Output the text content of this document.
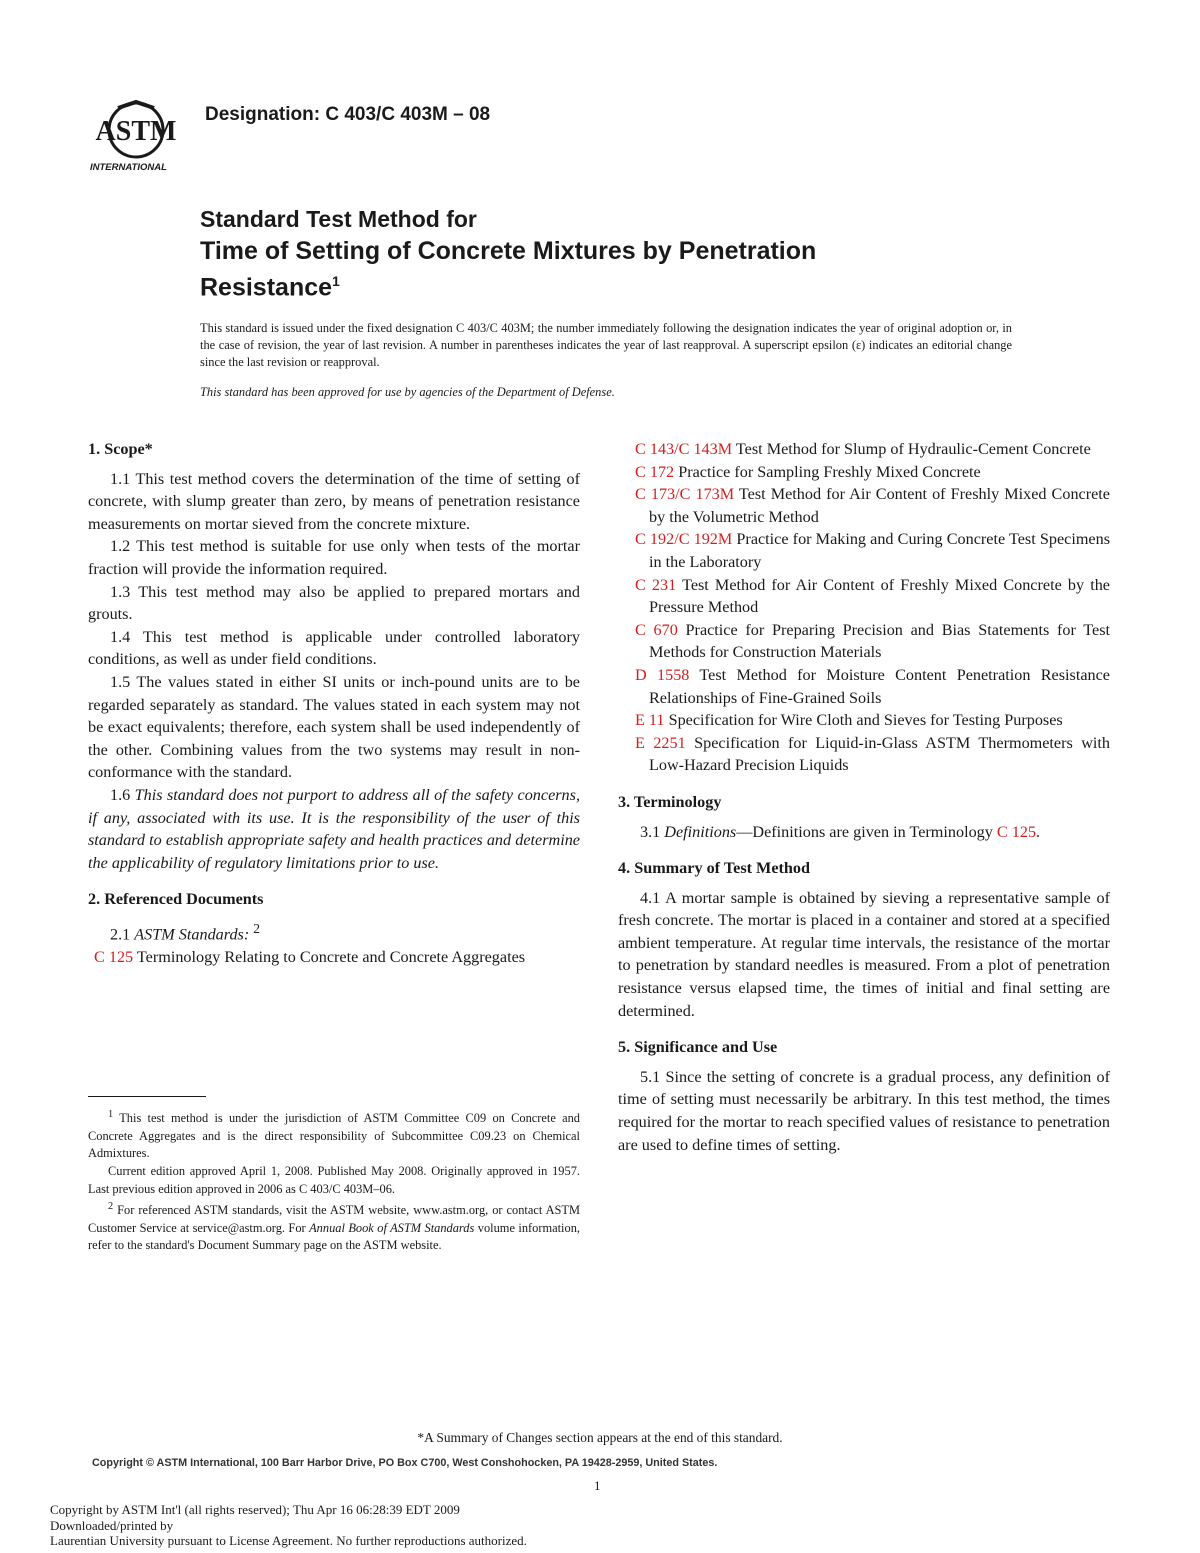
ASTM
INTERNATIONAL
Designation: C 403/C 403M – 08
Standard Test Method for
Time of Setting of Concrete Mixtures by Penetration Resistance$^1$
This standard is issued under the fixed designation C 403/C 403M; the number immediately following the designation indicates the year of original adoption or, in the case of revision, the year of last revision. A number in parentheses indicates the year of last reapproval. A superscript epsilon (ε) indicates an editorial change since the last revision or reapproval.
This standard has been approved for use by agencies of the Department of Defense.

1. Scope*

1.1 This test method covers the determination of the time of setting of concrete, with slump greater than zero, by means of penetration resistance measurements on mortar sieved from the concrete mixture.

1.2 This test method is suitable for use only when tests of the mortar fraction will provide the information required.

1.3 This test method may also be applied to prepared mortars and grouts.

1.4 This test method is applicable under controlled laboratory conditions, as well as under field conditions.

1.5 The values stated in either SI units or inch-pound units are to be regarded separately as standard. The values stated in each system may not be exact equivalents; therefore, each system shall be used independently of the other. Combining values from the two systems may result in non-conformance with the standard.

1.6 This standard does not purport to address all of the safety concerns, if any, associated with its use. It is the responsibility of the user of this standard to establish appropriate safety and health practices and determine the applicability of regulatory limitations prior to use.

2. Referenced Documents

2.1 ASTM Standards: $^2$

C 125 Terminology Relating to Concrete and Concrete Aggregates

$^1$ This test method is under the jurisdiction of ASTM Committee C09 on Concrete and Concrete Aggregates and is the direct responsibility of Subcommittee C09.23 on Chemical Admixtures.

Current edition approved April 1, 2008. Published May 2008. Originally approved in 1957. Last previous edition approved in 2006 as C 403/C 403M–06.

$^2$ For referenced ASTM standards, visit the ASTM website, www.astm.org, or contact ASTM Customer Service at service@astm.org. For Annual Book of ASTM Standards volume information, refer to the standard's Document Summary page on the ASTM website.

C 143/C 143M Test Method for Slump of Hydraulic-Cement Concrete

C 172 Practice for Sampling Freshly Mixed Concrete

C 173/C 173M Test Method for Air Content of Freshly Mixed Concrete by the Volumetric Method

C 192/C 192M Practice for Making and Curing Concrete Test Specimens in the Laboratory

C 231 Test Method for Air Content of Freshly Mixed Concrete by the Pressure Method

C 670 Practice for Preparing Precision and Bias Statements for Test Methods for Construction Materials

D 1558 Test Method for Moisture Content Penetration Resistance Relationships of Fine-Grained Soils

E 11 Specification for Wire Cloth and Sieves for Testing Purposes

E 2251 Specification for Liquid-in-Glass ASTM Thermometers with Low-Hazard Precision Liquids

3. Terminology

3.1 Definitions—Definitions are given in Terminology C 125.

4. Summary of Test Method

4.1 A mortar sample is obtained by sieving a representative sample of fresh concrete. The mortar is placed in a container and stored at a specified ambient temperature. At regular time intervals, the resistance of the mortar to penetration by standard needles is measured. From a plot of penetration resistance versus elapsed time, the times of initial and final setting are determined.

5. Significance and Use

5.1 Since the setting of concrete is a gradual process, any definition of time of setting must necessarily be arbitrary. In this test method, the times required for the mortar to reach specified values of resistance to penetration are used to define times of setting.

*A Summary of Changes section appears at the end of this standard.
Copyright © ASTM International, 100 Barr Harbor Drive, PO Box C700, West Conshohocken, PA 19428-2959, United States.
1
Copyright by ASTM Int'l (all rights reserved); Thu Apr 16 06:28:39 EDT 2009
Downloaded/printed by
Laurentian University pursuant to License Agreement. No further reproductions authorized.
